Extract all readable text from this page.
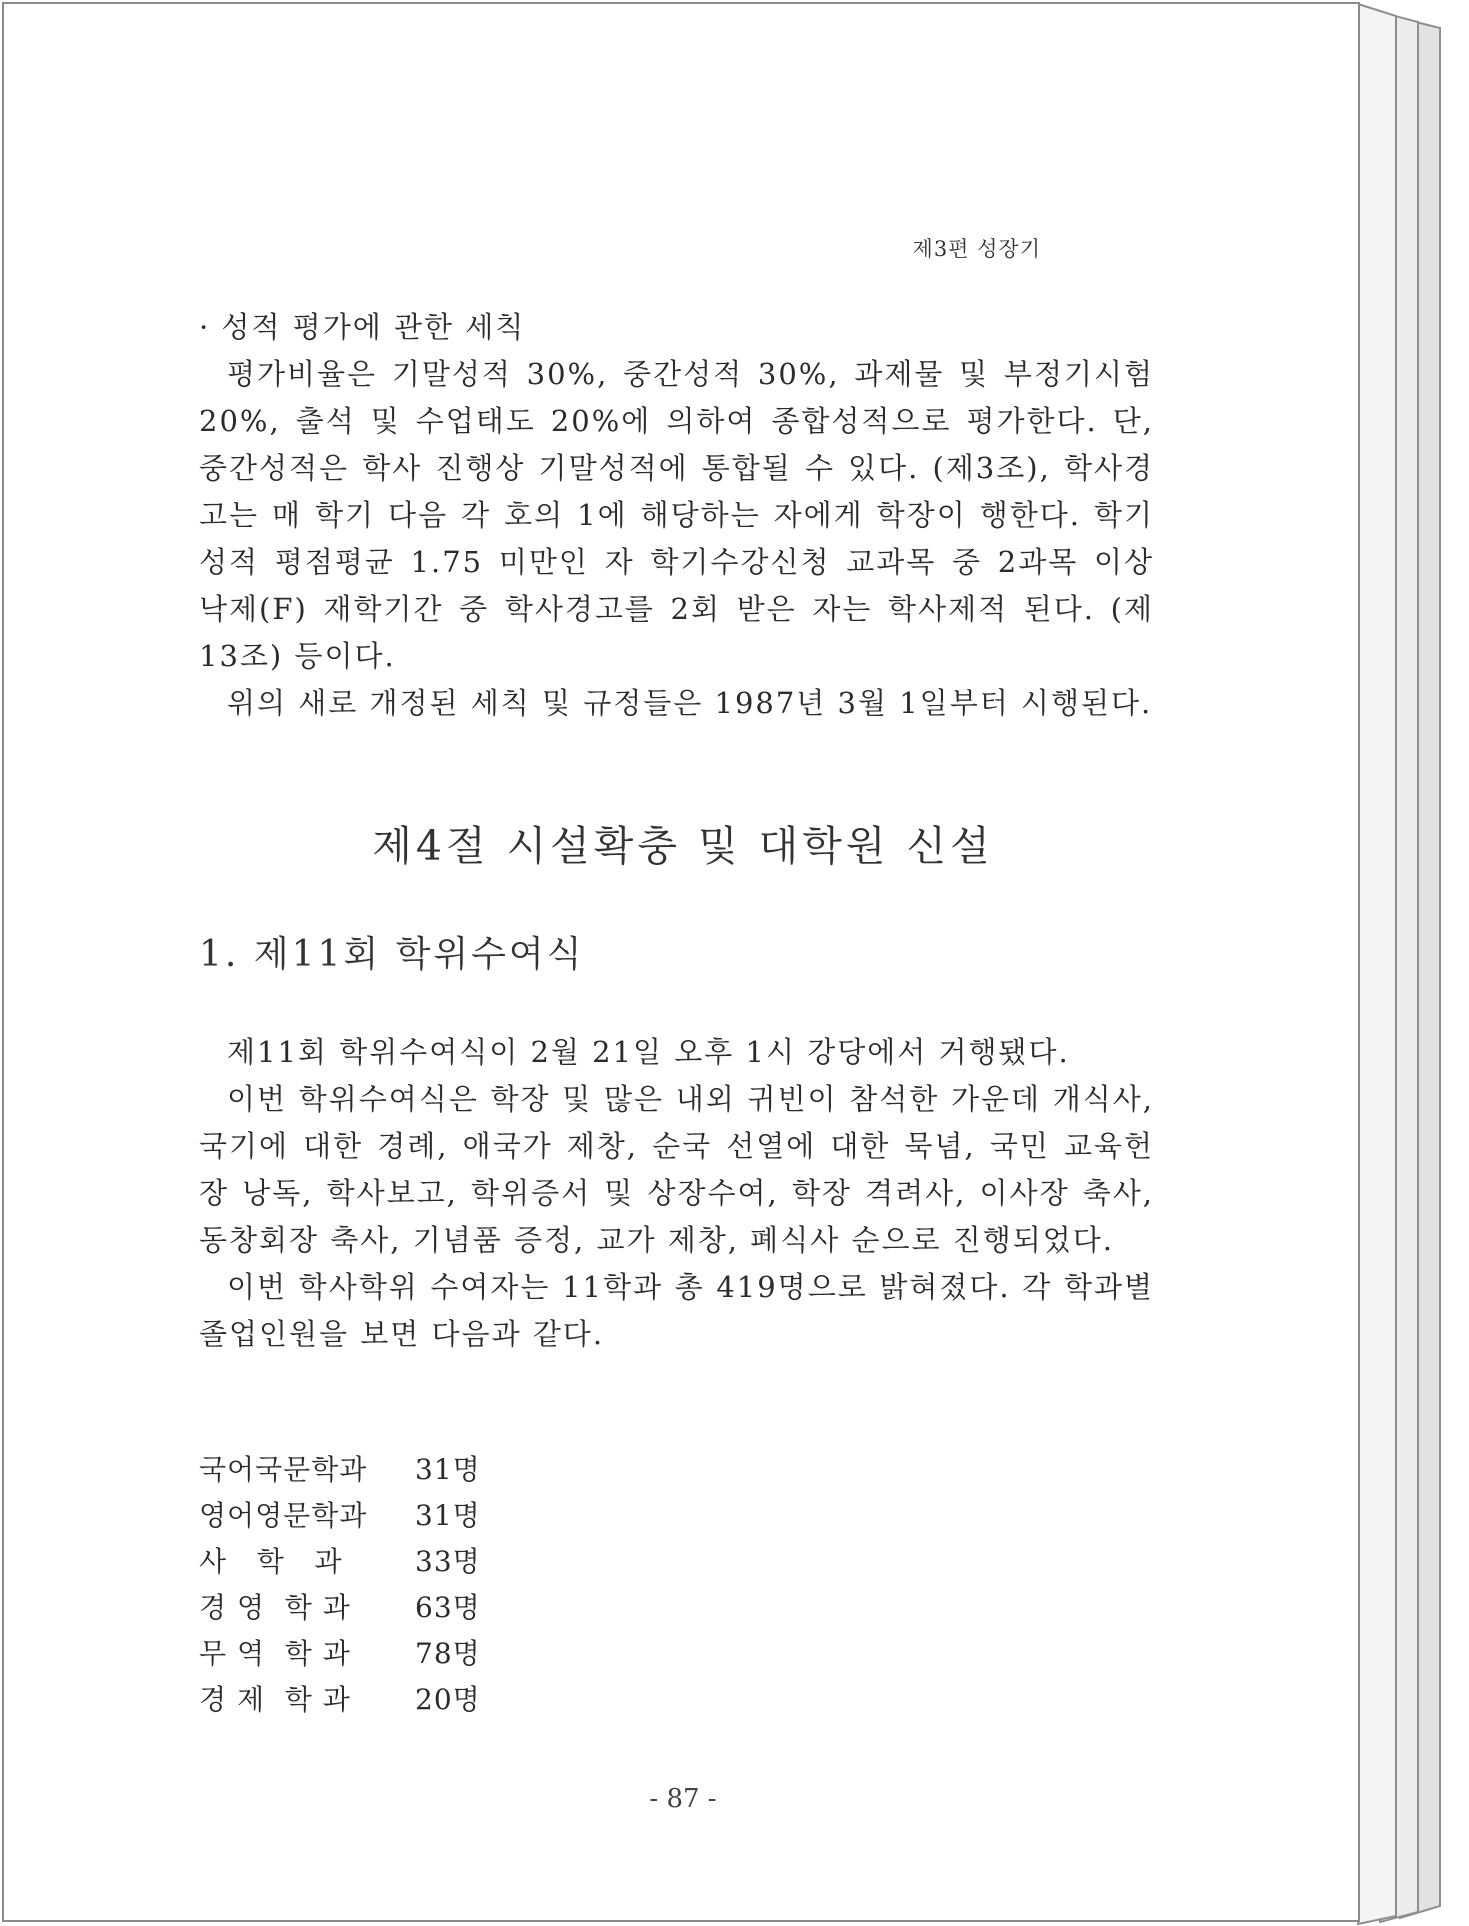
제3편 성장기

· 성적 평가에 관한 세칙

평가비율은 기말성적 30%, 중간성적 30%, 과제물 및 부정기시험 20%, 출석 및 수업태도 20%에 의하여 종합성적으로 평가한다. 단, 중간성적은 학사 진행상 기말성적에 통합될 수 있다. (제3조), 학사경고는 매 학기 다음 각 호의 1에 해당하는 자에게 학장이 행한다. 학기성적 평점평균 1.75 미만인 자 학기수강신청 교과목 중 2과목 이상 낙제(F) 재학기간 중 학사경고를 2회 받은 자는 학사제적 된다. (제13조) 등이다.

위의 새로 개정된 세칙 및 규정들은 1987년 3월 1일부터 시행된다.

제4절 시설확충 및 대학원 신설
1. 제11회 학위수여식

제11회 학위수여식이 2월 21일 오후 1시 강당에서 거행됐다.

이번 학위수여식은 학장 및 많은 내외 귀빈이 참석한 가운데 개식사, 국기에 대한 경례, 애국가 제창, 순국 선열에 대한 묵념, 국민 교육헌장 낭독, 학사보고, 학위증서 및 상장수여, 학장 격려사, 이사장 축사, 동창회장 축사, 기념품 증정, 교가 제창, 폐식사 순으로 진행되었다.

이번 학사학위 수여자는 11학과 총 419명으로 밝혀졌다. 각 학과별 졸업인원을 보면 다음과 같다.

국어국문학과	31명
영어영문학과	31명
사   학   과	33명
경 영  학 과	63명
무 역  학 과	78명
경 제  학 과	20명
- 87 -
